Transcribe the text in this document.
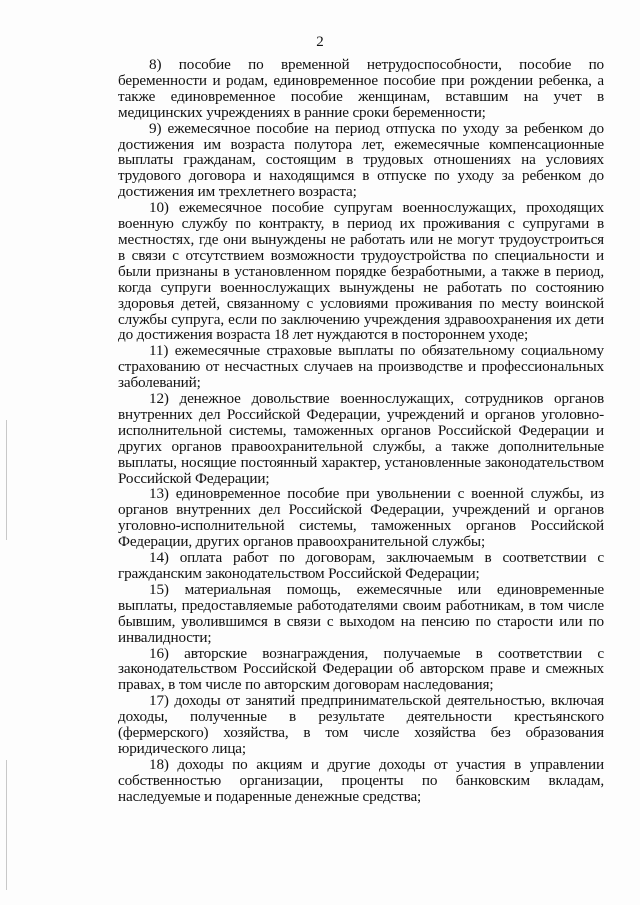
2

8) пособие по временной нетрудоспособности, пособие по беременности и родам, единовременное пособие при рождении ребенка, а также единовременное пособие женщинам, вставшим на учет в медицинских учреждениях в ранние сроки беременности;

9) ежемесячное пособие на период отпуска по уходу за ребенком до достижения им возраста полутора лет, ежемесячные компенсационные выплаты гражданам, состоящим в трудовых отношениях на условиях трудового договора и находящимся в отпуске по уходу за ребенком до достижения им трехлетнего возраста;

10) ежемесячное пособие супругам военнослужащих, проходящих военную службу по контракту, в период их проживания с супругами в местностях, где они вынуждены не работать или не могут трудоустроиться в связи с отсутствием возможности трудоустройства по специальности и были признаны в установленном порядке безработными, а также в период, когда супруги военнослужащих вынуждены не работать по состоянию здоровья детей, связанному с условиями проживания по месту воинской службы супруга, если по заключению учреждения здравоохранения их дети до достижения возраста 18 лет нуждаются в постороннем уходе;

11) ежемесячные страховые выплаты по обязательному социальному страхованию от несчастных случаев на производстве и профессиональных заболеваний;

12) денежное довольствие военнослужащих, сотрудников органов внутренних дел Российской Федерации, учреждений и органов уголовно-исполнительной системы, таможенных органов Российской Федерации и других органов правоохранительной службы, а также дополнительные выплаты, носящие постоянный характер, установленные законодательством Российской Федерации;

13) единовременное пособие при увольнении с военной службы, из органов внутренних дел Российской Федерации, учреждений и органов уголовно-исполнительной системы, таможенных органов Российской Федерации, других органов правоохранительной службы;

14) оплата работ по договорам, заключаемым в соответствии с гражданским законодательством Российской Федерации;

15) материальная помощь, ежемесячные или единовременные выплаты, предоставляемые работодателями своим работникам, в том числе бывшим, уволившимся в связи с выходом на пенсию по старости или по инвалидности;

16) авторские вознаграждения, получаемые в соответствии с законодательством Российской Федерации об авторском праве и смежных правах, в том числе по авторским договорам наследования;

17) доходы от занятий предпринимательской деятельностью, включая доходы, полученные в результате деятельности крестьянского (фермерского) хозяйства, в том числе хозяйства без образования юридического лица;

18) доходы по акциям и другие доходы от участия в управлении собственностью организации, проценты по банковским вкладам, наследуемые и подаренные денежные средства;
